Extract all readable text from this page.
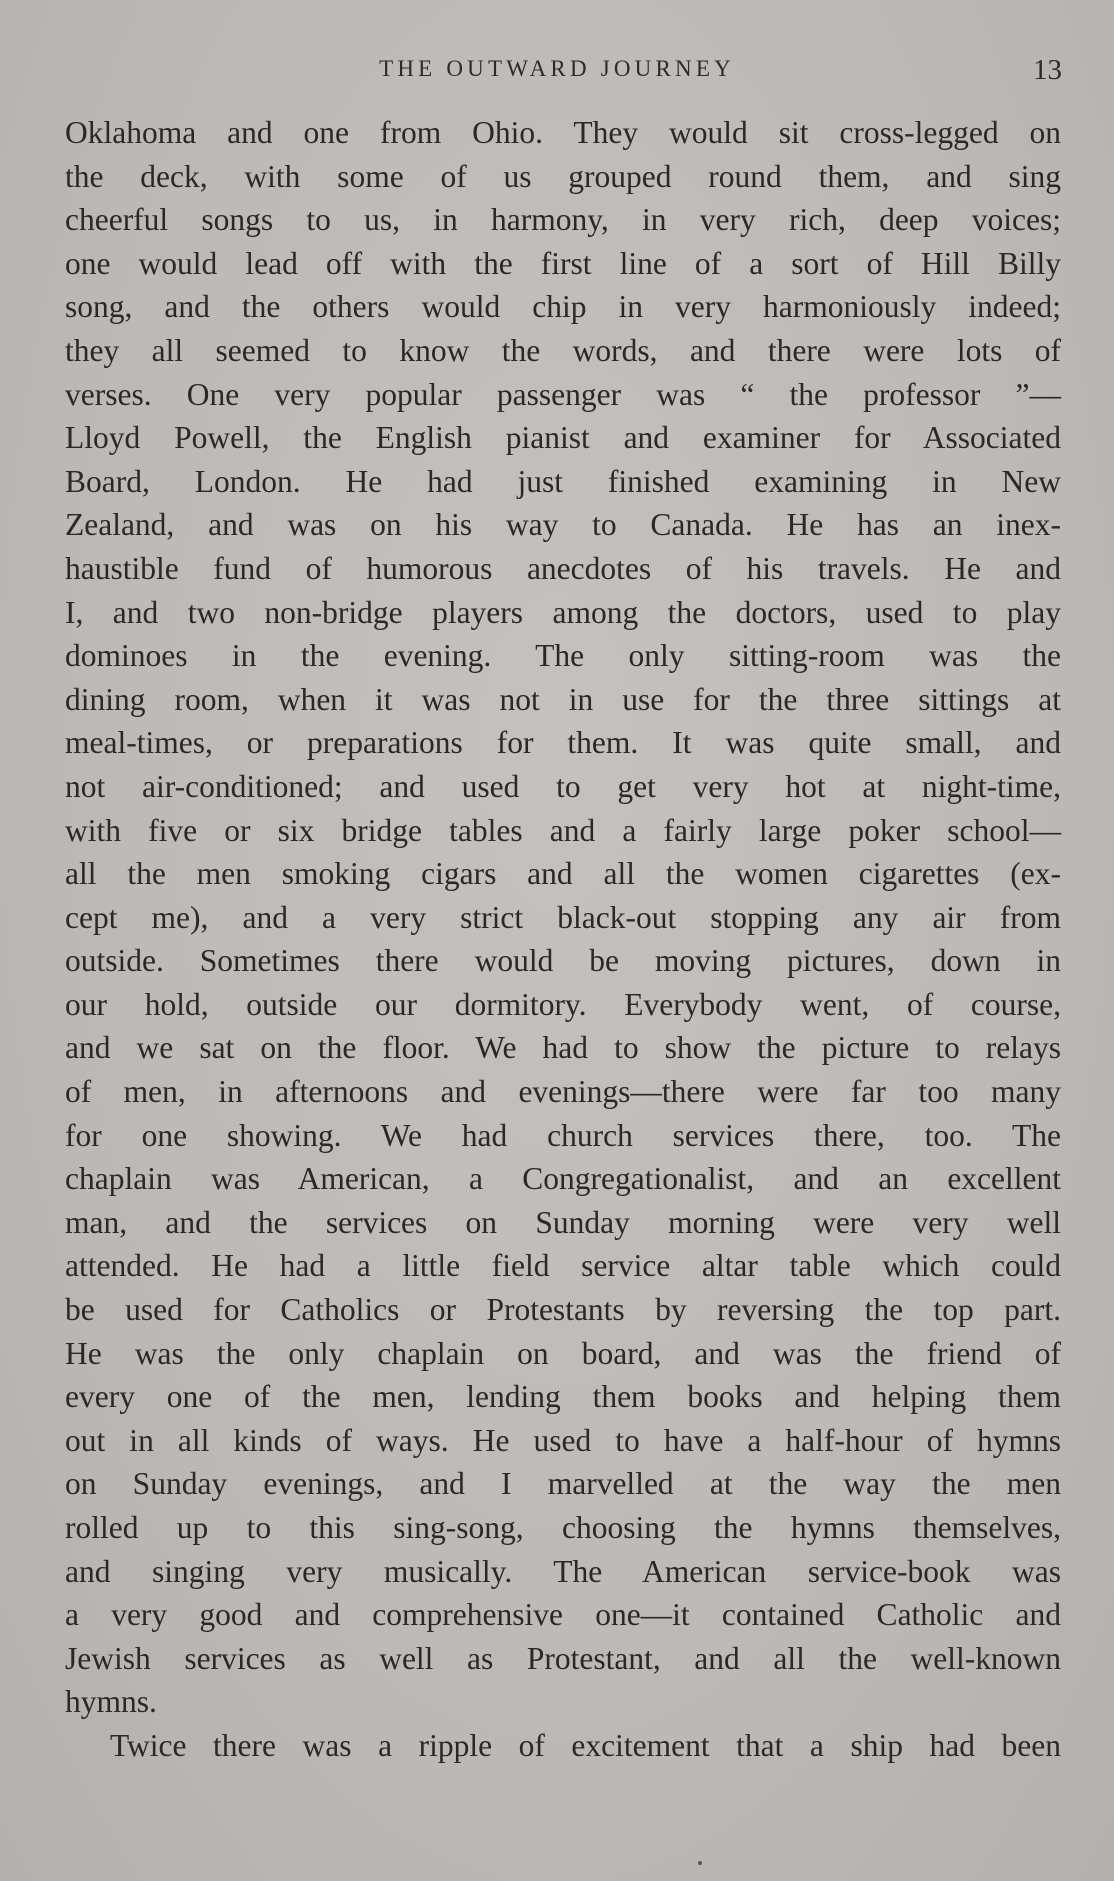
THE OUTWARD JOURNEY	13
Oklahoma and one from Ohio. They would sit cross-legged on
the deck, with some of us grouped round them, and sing
cheerful songs to us, in harmony, in very rich, deep voices;
one would lead off with the first line of a sort of Hill Billy
song, and the others would chip in very harmoniously indeed;
they all seemed to know the words, and there were lots of
verses. One very popular passenger was “ the professor ”—
Lloyd Powell, the English pianist and examiner for Associated
Board, London. He had just finished examining in New
Zealand, and was on his way to Canada. He has an inex-
haustible fund of humorous anecdotes of his travels. He and
I, and two non-bridge players among the doctors, used to play
dominoes in the evening. The only sitting-room was the
dining room, when it was not in use for the three sittings at
meal-times, or preparations for them. It was quite small, and
not air-conditioned; and used to get very hot at night-time,
with five or six bridge tables and a fairly large poker school—
all the men smoking cigars and all the women cigarettes (ex-
cept me), and a very strict black-out stopping any air from
outside. Sometimes there would be moving pictures, down in
our hold, outside our dormitory. Everybody went, of course,
and we sat on the floor. We had to show the picture to relays
of men, in afternoons and evenings—there were far too many
for one showing. We had church services there, too. The
chaplain was American, a Congregationalist, and an excellent
man, and the services on Sunday morning were very well
attended. He had a little field service altar table which could
be used for Catholics or Protestants by reversing the top part.
He was the only chaplain on board, and was the friend of
every one of the men, lending them books and helping them
out in all kinds of ways. He used to have a half-hour of hymns
on Sunday evenings, and I marvelled at the way the men
rolled up to this sing-song, choosing the hymns themselves,
and singing very musically. The American service-book was
a very good and comprehensive one—it contained Catholic and
Jewish services as well as Protestant, and all the well-known
hymns.
Twice there was a ripple of excitement that a ship had been
